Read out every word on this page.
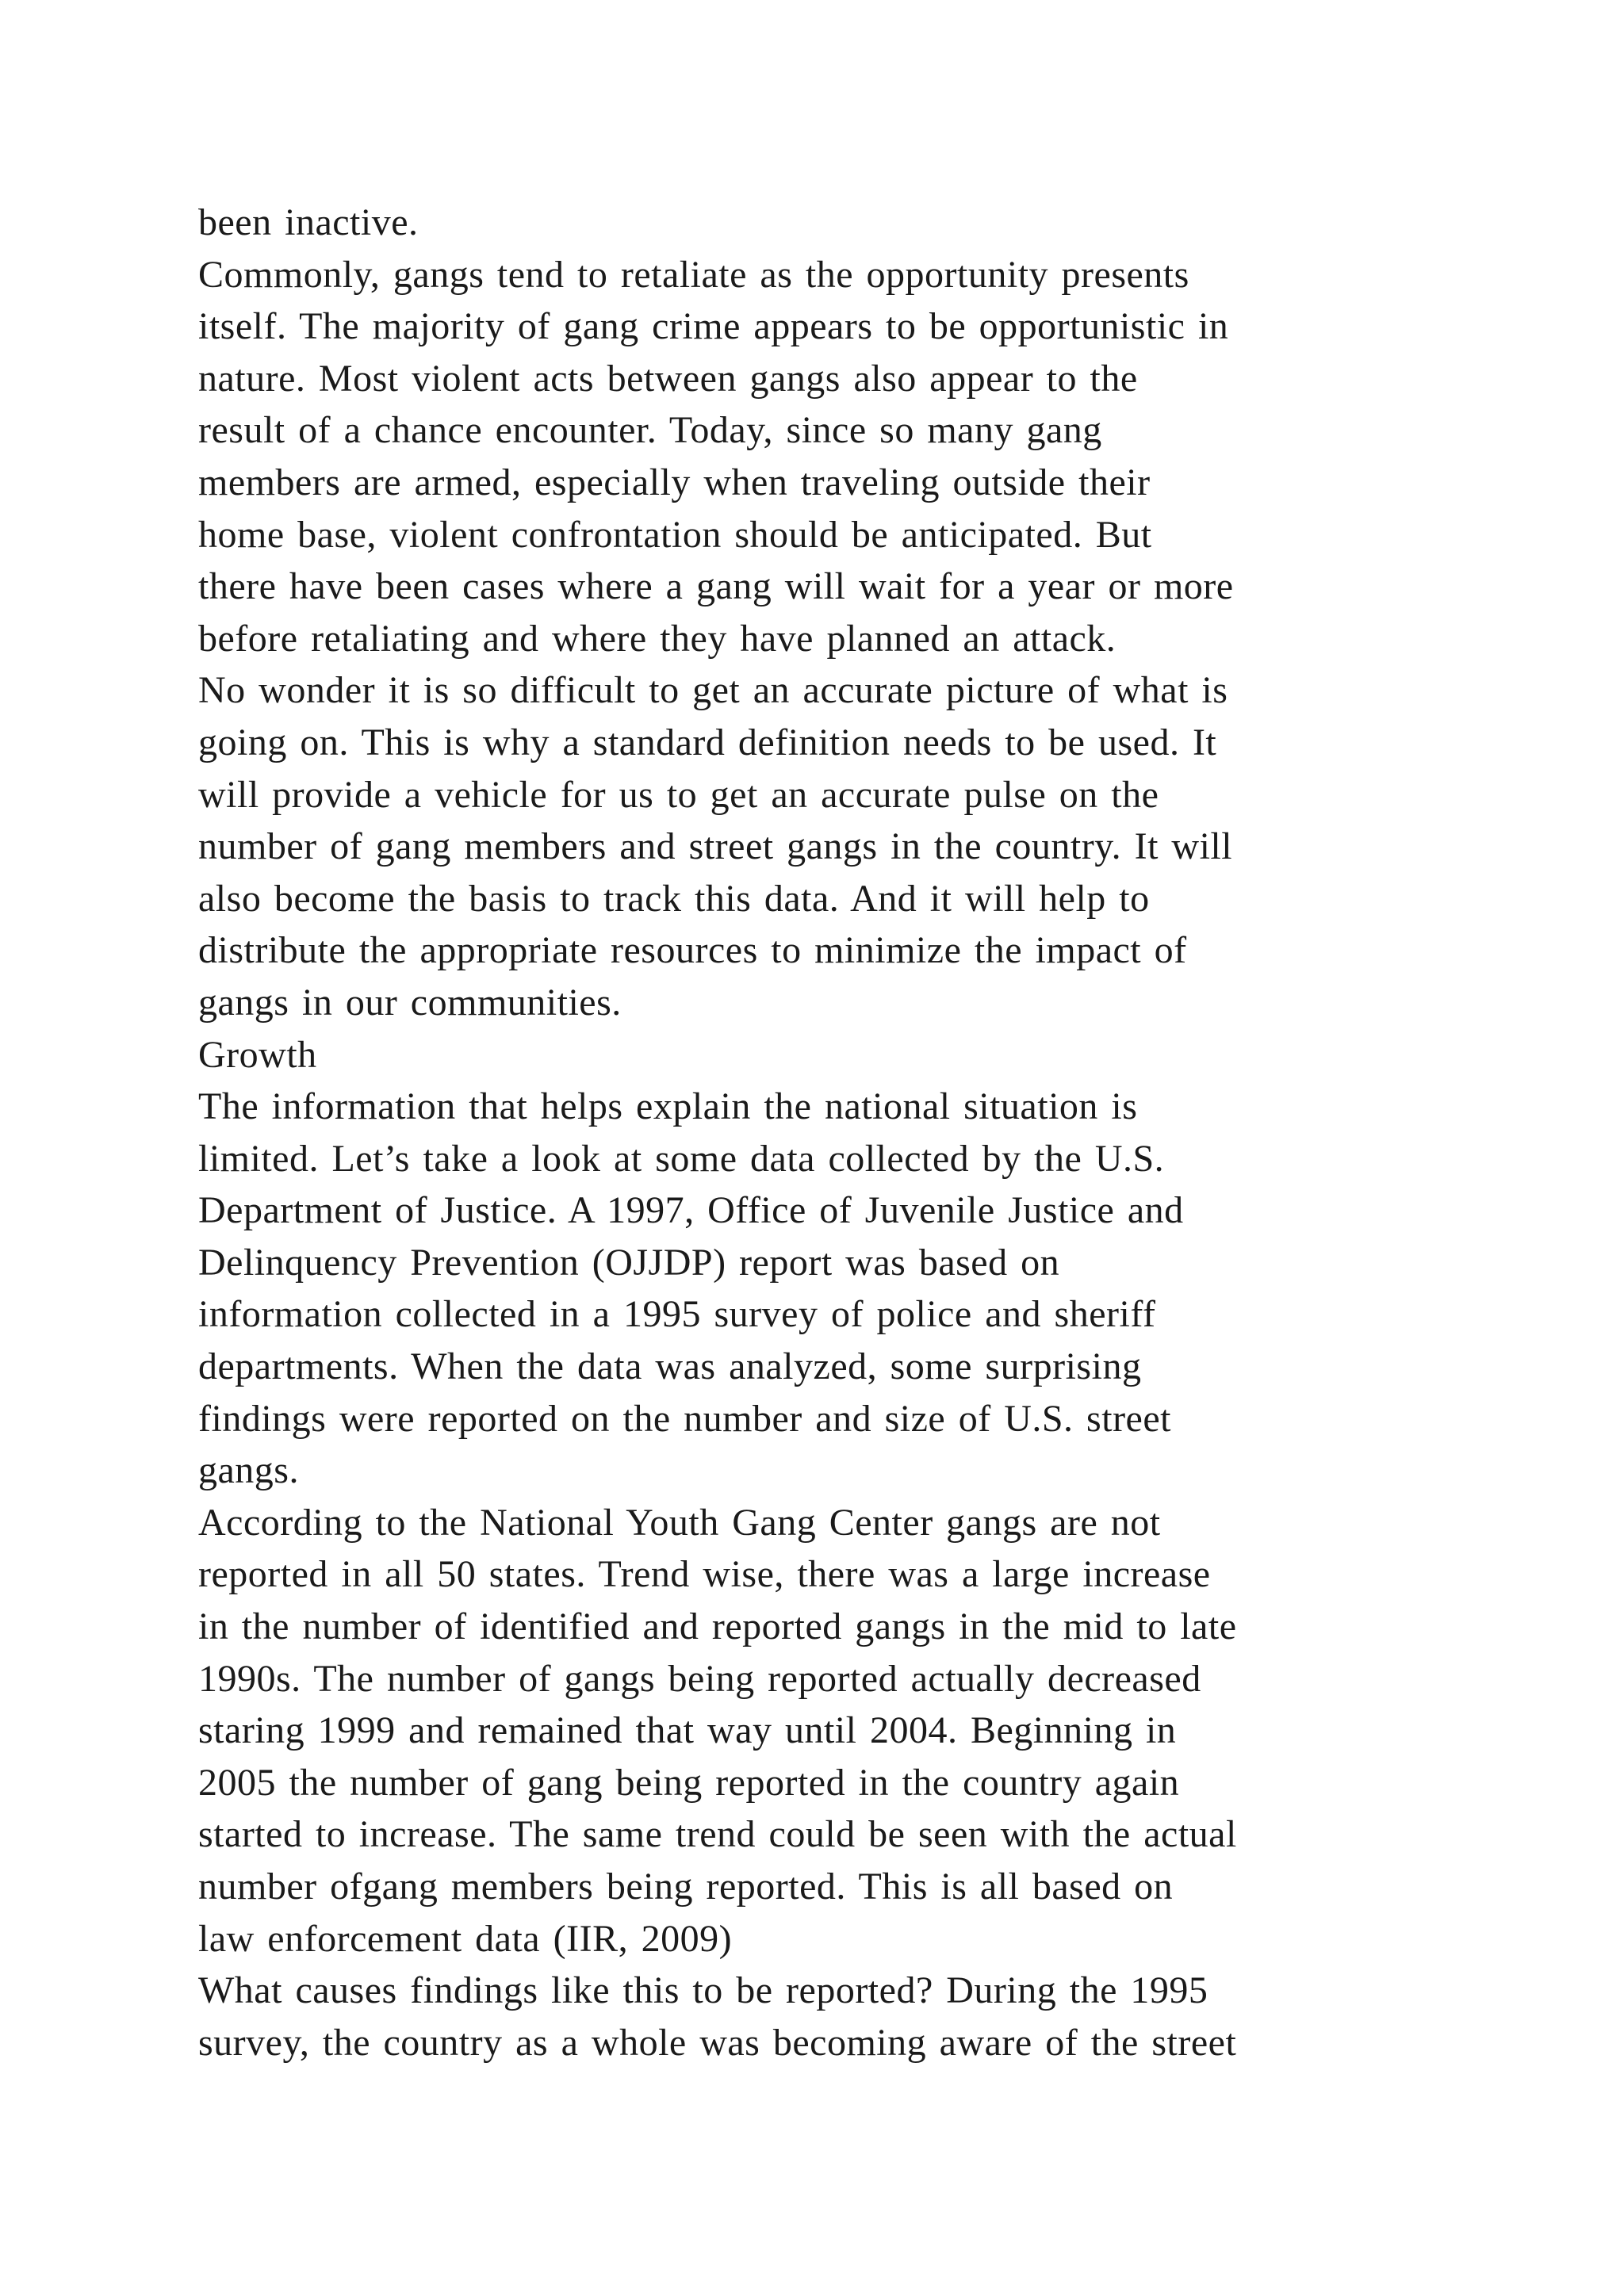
been inactive.
Commonly, gangs tend to retaliate as the opportunity presents
itself. The majority of gang crime appears to be opportunistic in
nature. Most violent acts between gangs also appear to the
result of a chance encounter. Today, since so many gang
members are armed, especially when traveling outside their
home base, violent confrontation should be anticipated. But
there have been cases where a gang will wait for a year or more
before retaliating and where they have planned an attack.
No wonder it is so difficult to get an accurate picture of what is
going on. This is why a standard definition needs to be used. It
will provide a vehicle for us to get an accurate pulse on the
number of gang members and street gangs in the country. It will
also become the basis to track this data. And it will help to
distribute the appropriate resources to minimize the impact of
gangs in our communities.
Growth
The information that helps explain the national situation is
limited. Let’s take a look at some data collected by the U.S.
Department of Justice. A 1997, Office of Juvenile Justice and
Delinquency Prevention (OJJDP) report was based on
information collected in a 1995 survey of police and sheriff
departments. When the data was analyzed, some surprising
findings were reported on the number and size of U.S. street
gangs.
According to the National Youth Gang Center gangs are not
reported in all 50 states. Trend wise, there was a large increase
in the number of identified and reported gangs in the mid to late
1990s. The number of gangs being reported actually decreased
staring 1999 and remained that way until 2004. Beginning in
2005 the number of gang being reported in the country again
started to increase. The same trend could be seen with the actual
number ofgang members being reported. This is all based on
law enforcement data (IIR, 2009)
What causes findings like this to be reported? During the 1995
survey, the country as a whole was becoming aware of the street
